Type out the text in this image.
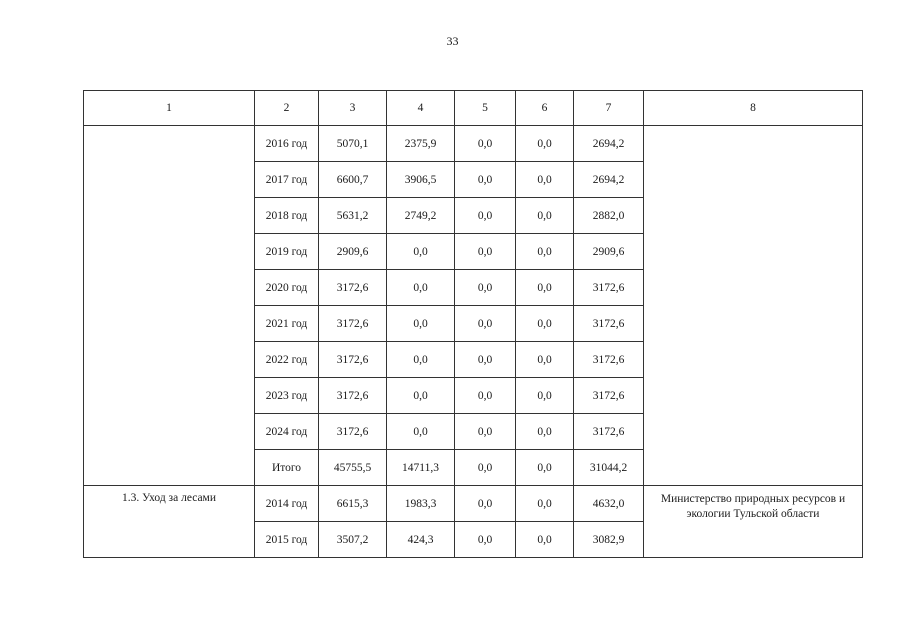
33
1	2	3	4	5	6	7	8
	2016 год	5070,1	2375,9	0,0	0,0	2694,2	
	2017 год	6600,7	3906,5	0,0	0,0	2694,2	
	2018 год	5631,2	2749,2	0,0	0,0	2882,0	
	2019 год	2909,6	0,0	0,0	0,0	2909,6	
	2020 год	3172,6	0,0	0,0	0,0	3172,6	
	2021 год	3172,6	0,0	0,0	0,0	3172,6	
	2022 год	3172,6	0,0	0,0	0,0	3172,6	
	2023 год	3172,6	0,0	0,0	0,0	3172,6	
	2024 год	3172,6	0,0	0,0	0,0	3172,6	
	Итого	45755,5	14711,3	0,0	0,0	31044,2	
1.3. Уход за лесами	2014 год	6615,3	1983,3	0,0	0,0	4632,0	Министерство природных ресурсов и экологии Тульской области
	2015 год	3507,2	424,3	0,0	0,0	3082,9	
